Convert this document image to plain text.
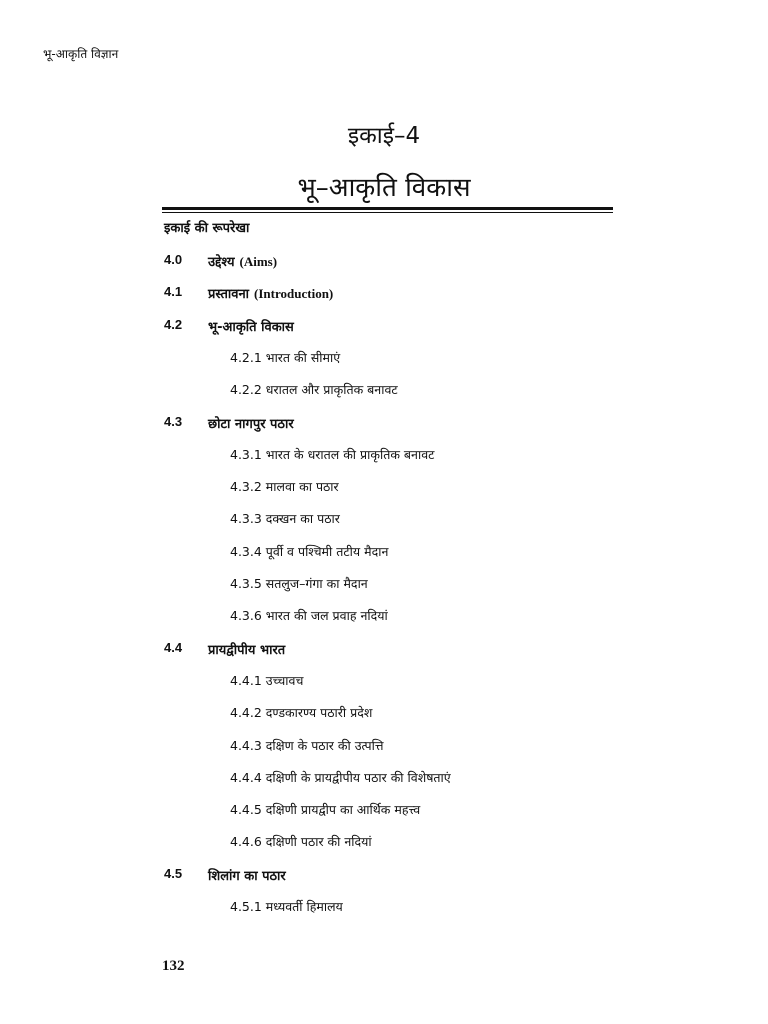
भू-आकृति विज्ञान
इकाई–4
भू–आकृति विकास
इकाई की रूपरेखा
4.0 उद्देश्य (Aims)
4.1 प्रस्तावना (Introduction)
4.2 भू-आकृति विकास
4.2.1 भारत की सीमाएं
4.2.2 धरातल और प्राकृतिक बनावट
4.3 छोटा नागपुर पठार
4.3.1 भारत के धरातल की प्राकृतिक बनावट
4.3.2 मालवा का पठार
4.3.3 दक्खन का पठार
4.3.4 पूर्वी व पश्चिमी तटीय मैदान
4.3.5 सतलुज–गंगा का मैदान
4.3.6 भारत की जल प्रवाह नदियां
4.4 प्रायद्वीपीय भारत
4.4.1 उच्चावच
4.4.2 दण्डकारण्य पठारी प्रदेश
4.4.3 दक्षिण के पठार की उत्पत्ति
4.4.4 दक्षिणी के प्रायद्वीपीय पठार की विशेषताएं
4.4.5 दक्षिणी प्रायद्वीप का आर्थिक महत्त्व
4.4.6 दक्षिणी पठार की नदियां
4.5 शिलांग का पठार
4.5.1 मध्यवर्ती हिमालय
132
